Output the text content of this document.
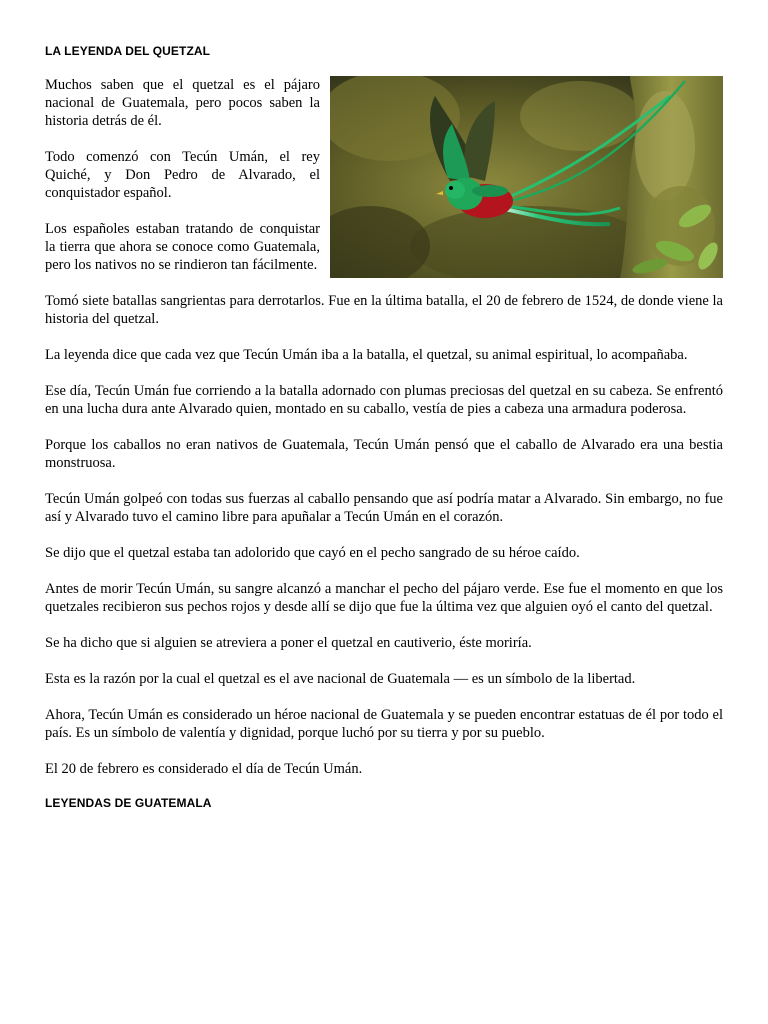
LA LEYENDA DEL QUETZAL

Muchos saben que el quetzal es el pájaro nacional de Guatemala, pero pocos saben la historia detrás de él.

Todo comenzó con Tecún Umán, el rey Quiché, y Don Pedro de Alvarado, el conquistador español.

Los españoles estaban tratando de conquistar la tierra que ahora se conoce como Guatemala, pero los nativos no se rindieron tan fácilmente.

Tomó siete batallas sangrientas para derrotarlos. Fue en la última batalla, el 20 de febrero de 1524, de donde viene la historia del quetzal.

La leyenda dice que cada vez que Tecún Umán iba a la batalla, el quetzal, su animal espiritual, lo acompañaba.

Ese día, Tecún Umán fue corriendo a la batalla adornado con plumas preciosas del quetzal en su cabeza. Se enfrentó en una lucha dura ante Alvarado quien, montado en su caballo, vestía de pies a cabeza una armadura poderosa.

Porque los caballos no eran nativos de Guatemala, Tecún Umán pensó que el caballo de Alvarado era una bestia monstruosa.

Tecún Umán golpeó con todas sus fuerzas al caballo pensando que así podría matar a Alvarado. Sin embargo, no fue así y Alvarado tuvo el camino libre para apuñalar a Tecún Umán en el corazón.

Se dijo que el quetzal estaba tan adolorido que cayó en el pecho sangrado de su héroe caído.

Antes de morir Tecún Umán, su sangre alcanzó a manchar el pecho del pájaro verde. Ese fue el momento en que los quetzales recibieron sus pechos rojos y desde allí se dijo que fue la última vez que alguien oyó el canto del quetzal.

Se ha dicho que si alguien se atreviera a poner el quetzal en cautiverio, éste moriría.

Esta es la razón por la cual el quetzal es el ave nacional de Guatemala — es un símbolo de la libertad.

Ahora, Tecún Umán es considerado un héroe nacional de Guatemala y se pueden encontrar estatuas de él por todo el país. Es un símbolo de valentía y dignidad, porque luchó por su tierra y por su pueblo.

El 20 de febrero es considerado el día de Tecún Umán.

LEYENDAS DE GUATEMALA
